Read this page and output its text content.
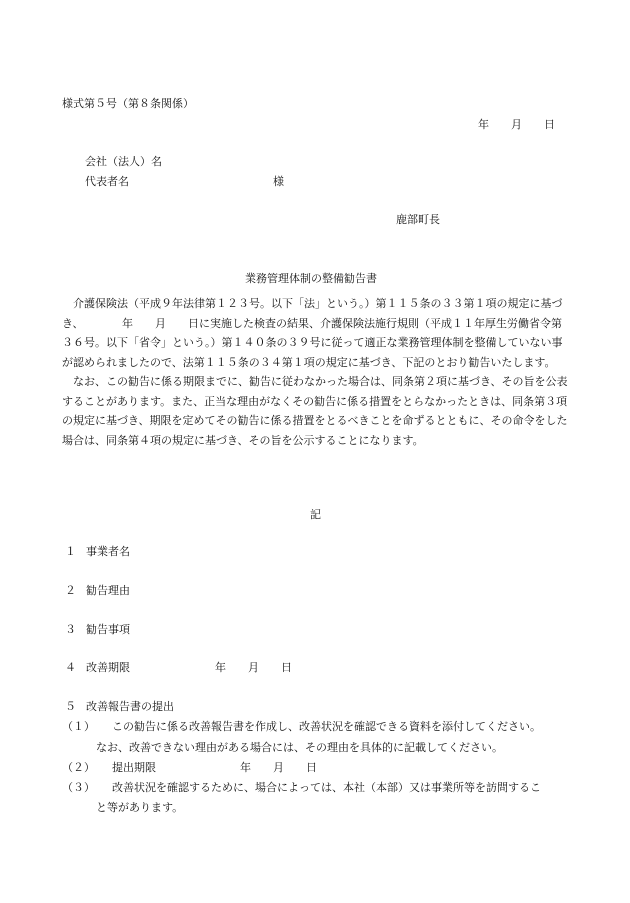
様式第５号（第８条関係）
年　　月　　日
会社（法人）名
代表者名	様
鹿部町長
業務管理体制の整備勧告書

介護保険法（平成９年法律第１２３号。以下「法」という。）第１１５条の３３第１項の規定に基づき、　　　　年　　月　　日に実施した検査の結果、介護保険法施行規則（平成１１年厚生労働省令第３６号。以下「省令」という。）第１４０条の３９号に従って適正な業務管理体制を整備していない事が認められましたので、法第１１５条の３４第１項の規定に基づき、下記のとおり勧告いたします。

なお、この勧告に係る期限までに、勧告に従わなかった場合は、同条第２項に基づき、その旨を公表することがあります。また、正当な理由がなくその勧告に係る措置をとらなかったときは、同条第３項の規定に基づき、期限を定めてその勧告に係る措置をとるべきことを命ずるとともに、その命令をした場合は、同条第４項の規定に基づき、その旨を公示することになります。

記
１ 事業者名
２ 勧告理由
３ 勧告事項
４ 改善期限	年　　月　　日
５ 改善報告書の提出
（１） この勧告に係る改善報告書を作成し、改善状況を確認できる資料を添付してください。
なお、改善できない理由がある場合には、その理由を具体的に記載してください。
（２） 提出期限	年　　月　　日
（３） 改善状況を確認するために、場合によっては、本社（本部）又は事業所等を訪問するこ
と等があります。
